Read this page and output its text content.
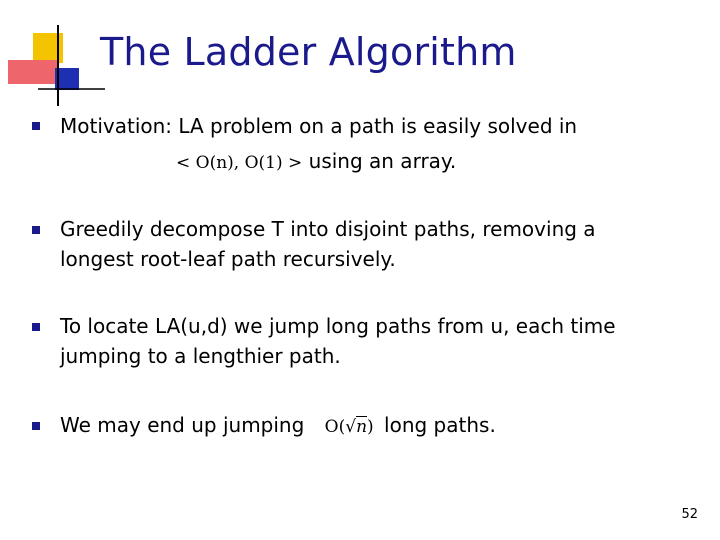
The Ladder Algorithm
Motivation: LA problem on a path is easily solved in
< O(n), O(1) > using an array.
Greedily decompose T into disjoint paths, removing a
longest root-leaf path recursively.
To locate LA(u,d) we jump long paths from u, each time
jumping to a lengthier path.
We may end up jumping O(√n) long paths.
52
